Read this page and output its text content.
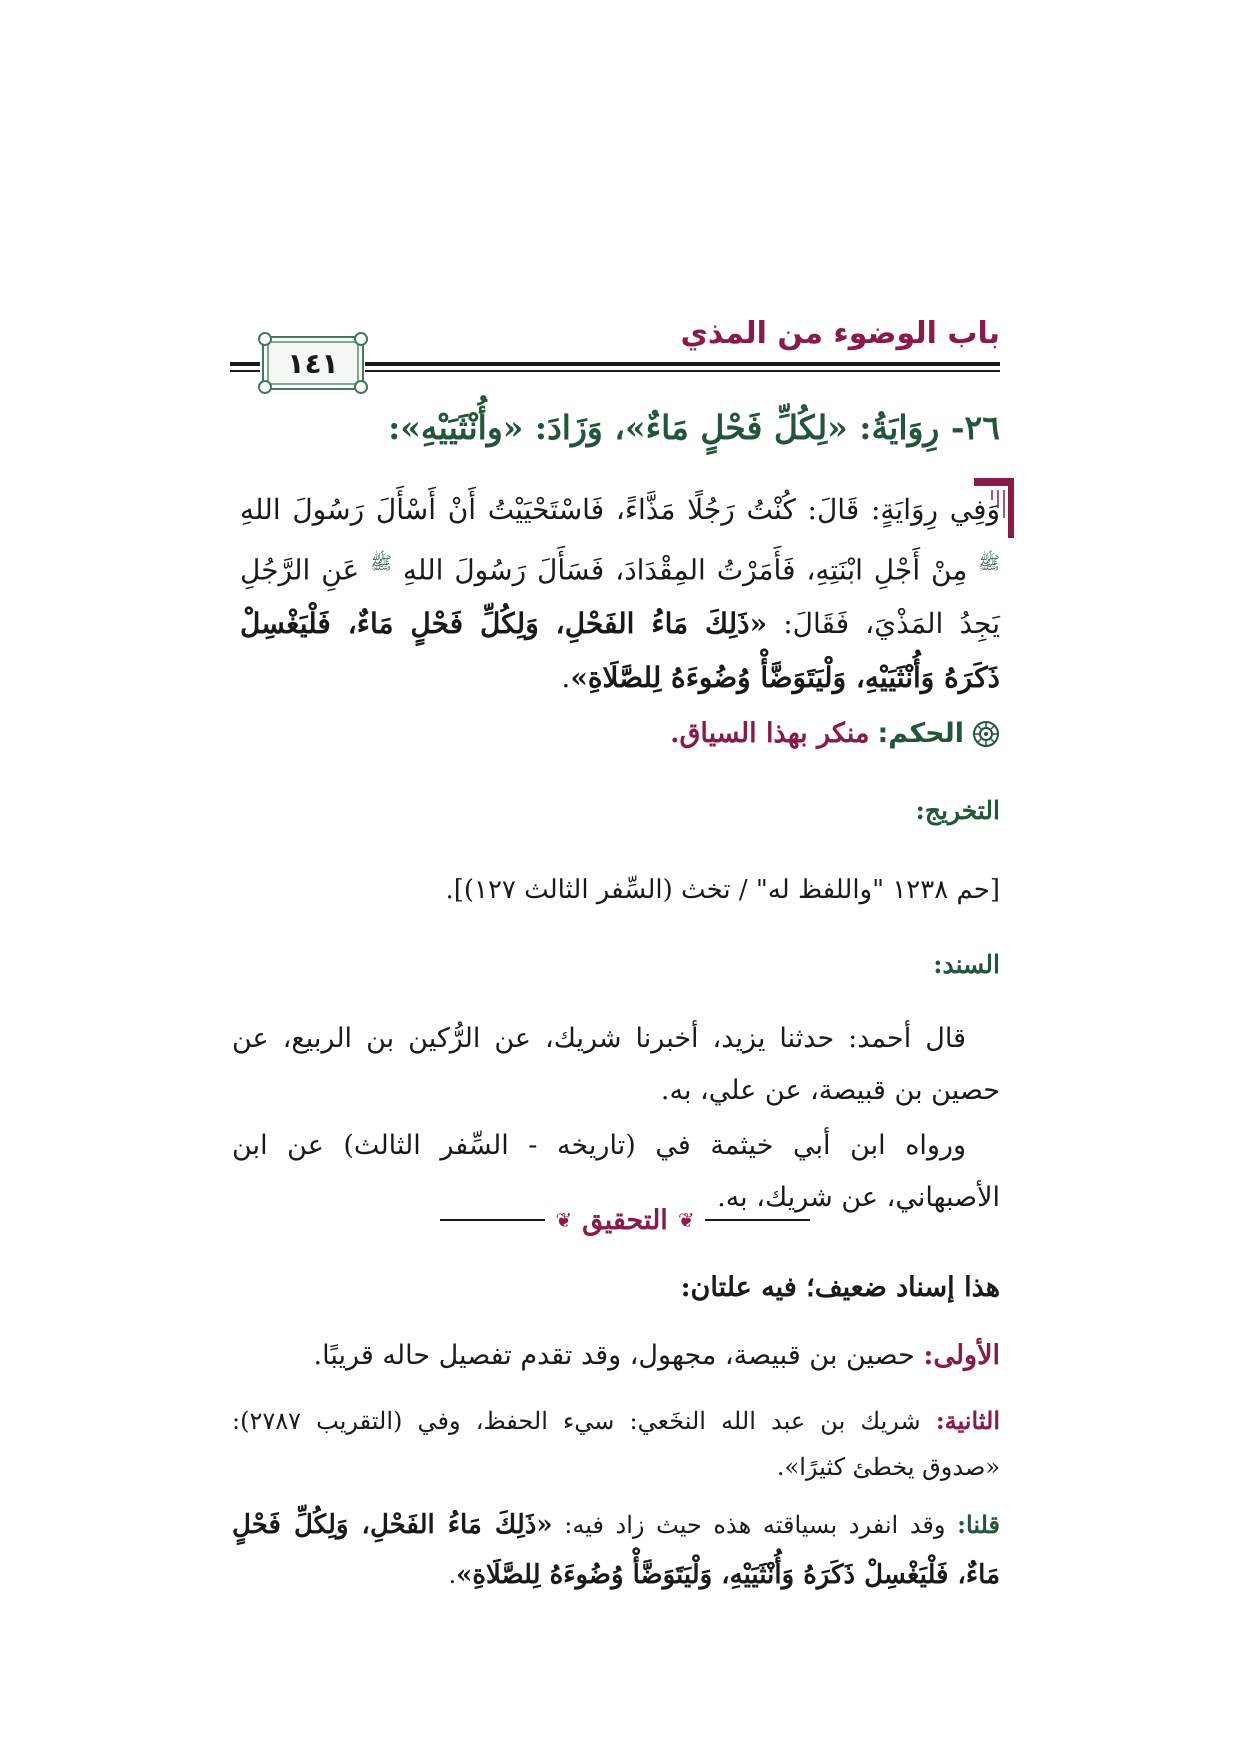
باب الوضوء من المذي
١٤١
٢٦- رِوَايَةُ: «لِكُلِّ فَحْلٍ مَاءٌ»، وَزَادَ: «وأُنْثَيَيْهِ»:
وَفِي رِوَايَةٍ: قَالَ: كُنْتُ رَجُلًا مَذَّاءً، فَاسْتَحْيَيْتُ أَنْ أَسْأَلَ رَسُولَ اللهِ $^ﷺ$ مِنْ أَجْلِ ابْنَتِهِ، فَأَمَرْتُ المِقْدَادَ، فَسَأَلَ رَسُولَ اللهِ $^ﷺ$ عَنِ الرَّجُلِ يَجِدُ المَذْيَ، فَقَالَ: «ذَلِكَ مَاءُ الفَحْلِ، وَلِكُلِّ فَحْلٍ مَاءٌ، فَلْيَغْسِلْ ذَكَرَهُ وَأُنْثَيَيْهِ، وَلْيَتَوَضَّأْ وُضُوءَهُ لِلصَّلَاةِ».
الحكم:
منكر بهذا السياق.
التخريج:
[حم ١٢٣٨ "واللفظ له" / تخث (السِّفر الثالث ١٢٧)].
السند:
قال أحمد: حدثنا يزيد، أخبرنا شريك، عن الرُّكين بن الربيع، عن حصين بن قبيصة، عن علي، به.
ورواه ابن أبي خيثمة في (تاريخه - السِّفر الثالث) عن ابن الأصبهاني، عن شريك، به.
❦
التحقيق
❦
هذا إسناد ضعيف؛ فيه علتان:
الأولى: حصين بن قبيصة، مجهول، وقد تقدم تفصيل حاله قريبًا.
الثانية: شريك بن عبد الله النخَعي: سيء الحفظ، وفي (التقريب ٢٧٨٧): «صدوق يخطئ كثيرًا».
قلنا: وقد انفرد بسياقته هذه حيث زاد فيه: «ذَلِكَ مَاءُ الفَحْلِ، وَلِكُلِّ فَحْلٍ مَاءٌ، فَلْيَغْسِلْ ذَكَرَهُ وَأُنْثَيَيْهِ، وَلْيَتَوَضَّأْ وُضُوءَهُ لِلصَّلَاةِ».
